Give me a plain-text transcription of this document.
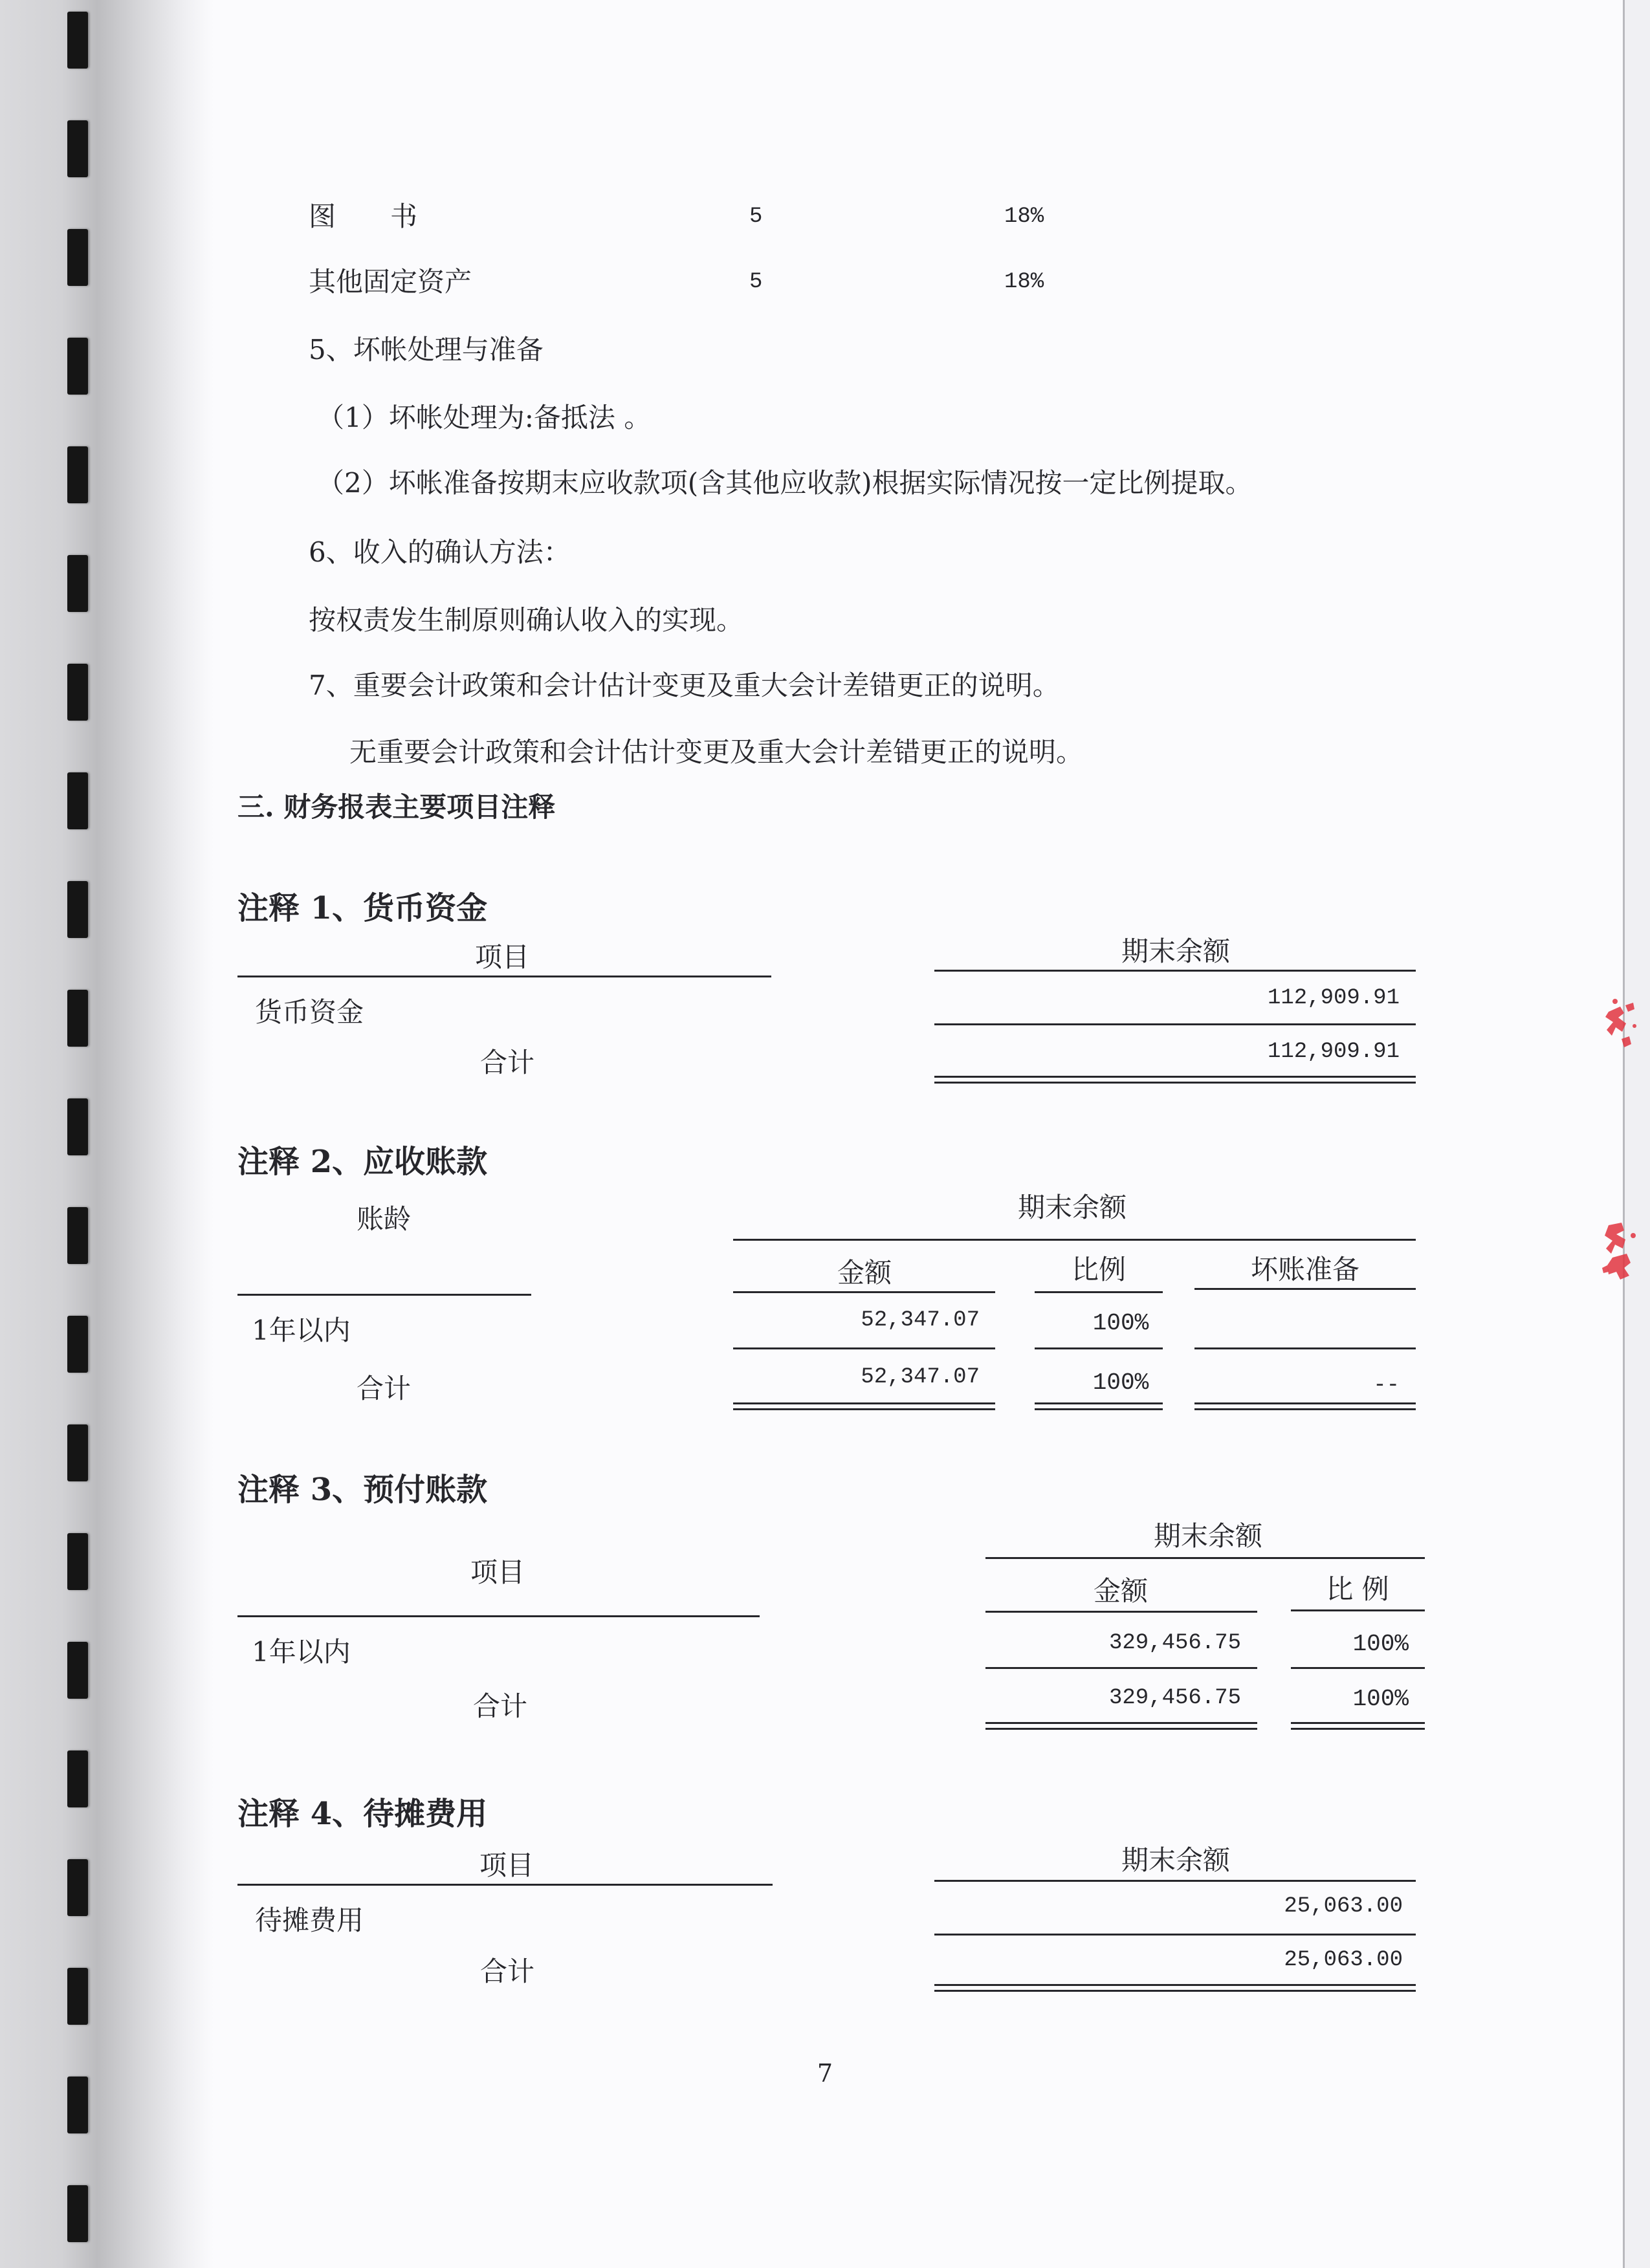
图　　书	5	18%
其他固定资产	5	18%
5、坏帐处理与准备
（1）坏帐处理为:备抵法 。
（2）坏帐准备按期末应收款项(含其他应收款)根据实际情况按一定比例提取。
6、收入的确认方法：
按权责发生制原则确认收入的实现。
7、重要会计政策和会计估计变更及重大会计差错更正的说明。
无重要会计政策和会计估计变更及重大会计差错更正的说明。
三. 财务报表主要项目注释
注释 1、货币资金
项目	期末余额
货币资金	112,909.91
合计	112,909.91
注释 2、应收账款
账龄	期末余额
金额	比例	坏账准备
1年以内	52,347.07	100%
合计	52,347.07	100%	--
注释 3、预付账款
项目
期末余额
金额	比 例
1年以内	329,456.75	100%
合计	329,456.75	100%
注释 4、待摊费用
项目	期末余额
待摊费用	25,063.00
合计	25,063.00
7
